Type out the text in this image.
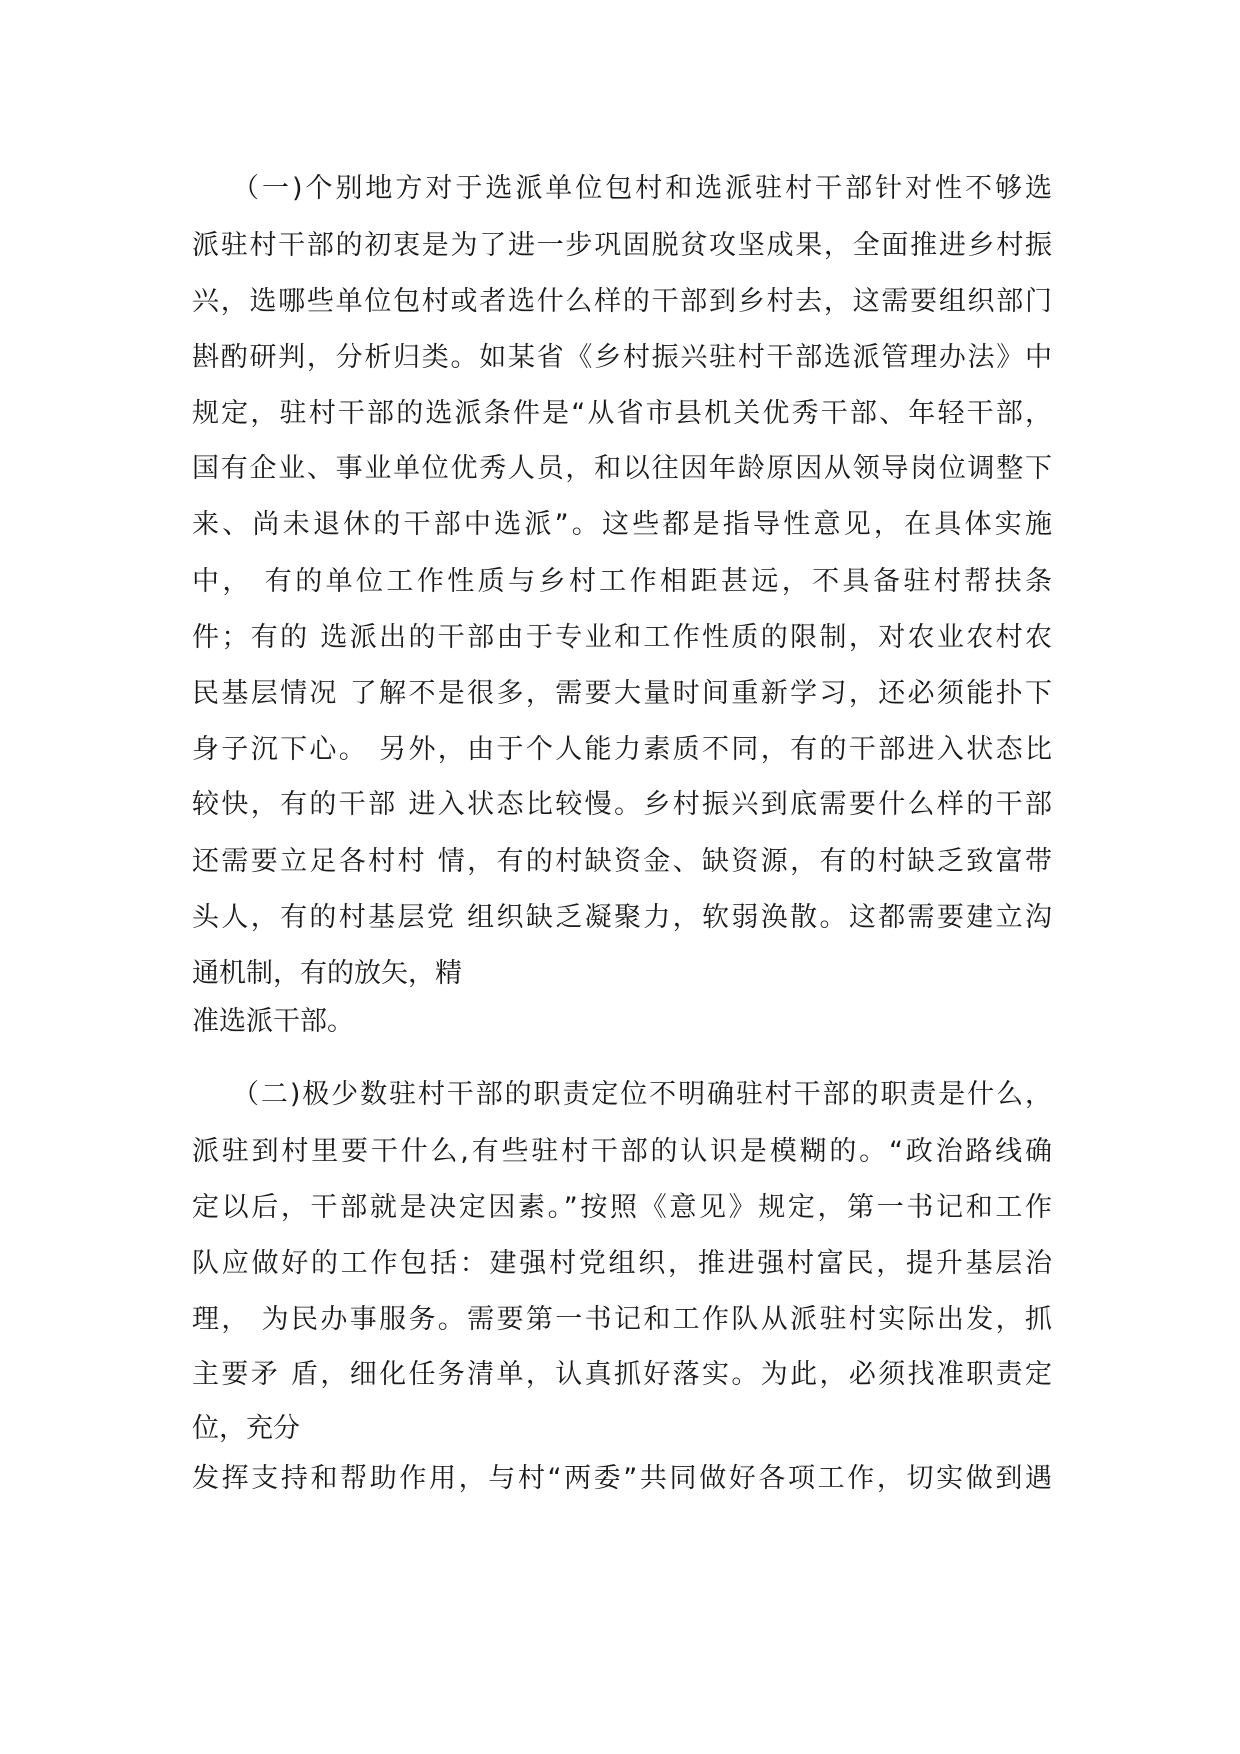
（一)个别地方对于选派单位包村和选派驻村干部针对性不够选
派驻村干部的初衷是为了进一步巩固脱贫攻坚成果，全面推进乡村振
兴，选哪些单位包村或者选什么样的干部到乡村去，这需要组织部门
斟酌研判，分析归类。如某省《乡村振兴驻村干部选派管理办法》中
规定，驻村干部的选派条件是“从省市县机关优秀干部、年轻干部，
国有企业、事业单位优秀人员，和以往因年龄原因从领导岗位调整下
来、尚未退休的干部中选派”。这些都是指导性意见，在具体实施
中， 有的单位工作性质与乡村工作相距甚远，不具备驻村帮扶条
件；有的 选派出的干部由于专业和工作性质的限制，对农业农村农
民基层情况 了解不是很多，需要大量时间重新学习，还必须能扑下
身子沉下心。 另外，由于个人能力素质不同，有的干部进入状态比
较快，有的干部 进入状态比较慢。乡村振兴到底需要什么样的干部
还需要立足各村村 情，有的村缺资金、缺资源，有的村缺乏致富带
头人，有的村基层党 组织缺乏凝聚力，软弱涣散。这都需要建立沟
通机制，有的放矢，精
准选派干部。
（二)极少数驻村干部的职责定位不明确驻村干部的职责是什么，
派驻到村里要干什么,有些驻村干部的认识是模糊的。“政治路线确
定以后，干部就是决定因素。”按照《意见》规定，第一书记和工作
队应做好的工作包括：建强村党组织，推进强村富民，提升基层治
理， 为民办事服务。需要第一书记和工作队从派驻村实际出发，抓
主要矛 盾，细化任务清单，认真抓好落实。为此，必须找准职责定
位，充分
发挥支持和帮助作用，与村“两委”共同做好各项工作，切实做到遇
